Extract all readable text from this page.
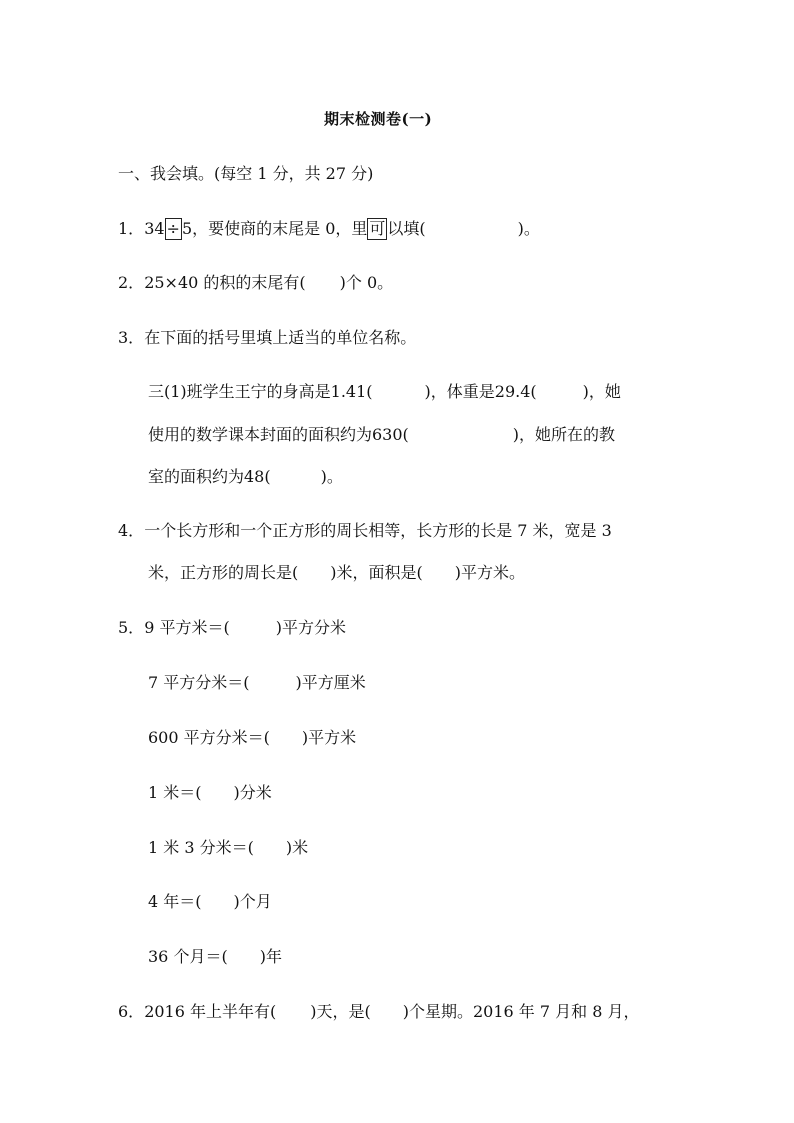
期末检测卷(一)
一、我会填。(每空 1 分，共 27 分)
1．34 ÷ 5，要使商的末尾是 0，里 可 以填(	)。
2．25×40 的积的末尾有( )个 0。
3．在下面的括号里填上适当的单位名称。
三(1)班学生王宁的身高是1.41(	)，体重是29.4(	)，她
使用的数学课本封面的面积约为630(	)，她所在的教
室的面积约为48(	)。
4．一个长方形和一个正方形的周长相等，长方形的长是 7 米，宽是 3
米，正方形的周长是( )米，面积是( )平方米。
5．9 平方米＝(	)平方分米
7 平方分米＝(	)平方厘米
600 平方分米＝( )平方米
1 米＝( )分米
1 米 3 分米＝( )米
4 年＝( )个月
36 个月＝( )年
6．2016 年上半年有( )天，是( )个星期。2016 年 7 月和 8 月，
